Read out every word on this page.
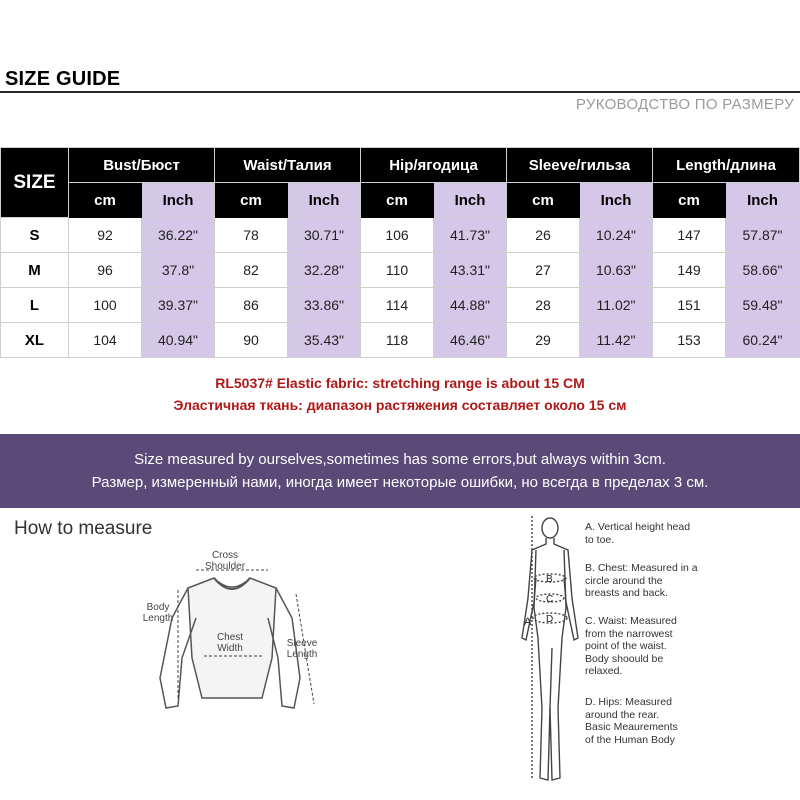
SIZE GUIDE
РУКОВОДСТВО ПО РАЗМЕРУ
SIZE	Bust/Бюст		Waist/Талия		Hip/ягодица		Sleeve/гильза		Length/длина	
	cm	Inch	cm	Inch	cm	Inch	cm	Inch	cm	Inch
S	92	36.22"	78	30.71"	106	41.73"	26	10.24"	147	57.87"
M	96	37.8"	82	32.28"	110	43.31"	27	10.63"	149	58.66"
L	100	39.37"	86	33.86"	114	44.88"	28	11.02"	151	59.48"
XL	104	40.94"	90	35.43"	118	46.46"	29	11.42"	153	60.24"
RL5037# Elastic fabric: stretching range is about 15 CM
Эластичная ткань: диапазон растяжения составляет около 15 см
Size measured by ourselves,sometimes has some errors,but always within 3cm.
Размер, измеренный нами, иногда имеет некоторые ошибки, но всегда в пределах 3 см.
How to measure
A
B
C
D
Cross
Shoulder
Body
Length
Chest
Width	Sleeve
Length
A. Vertical height head
to toe.
B. Chest: Measured in a
circle around the
breasts and back.
C. Waist: Measured
from the narrowest
point of the waist.
Body shoould be
relaxed.
D. Hips: Measured
around the rear.
Basic Meaurements
of the Human Body
